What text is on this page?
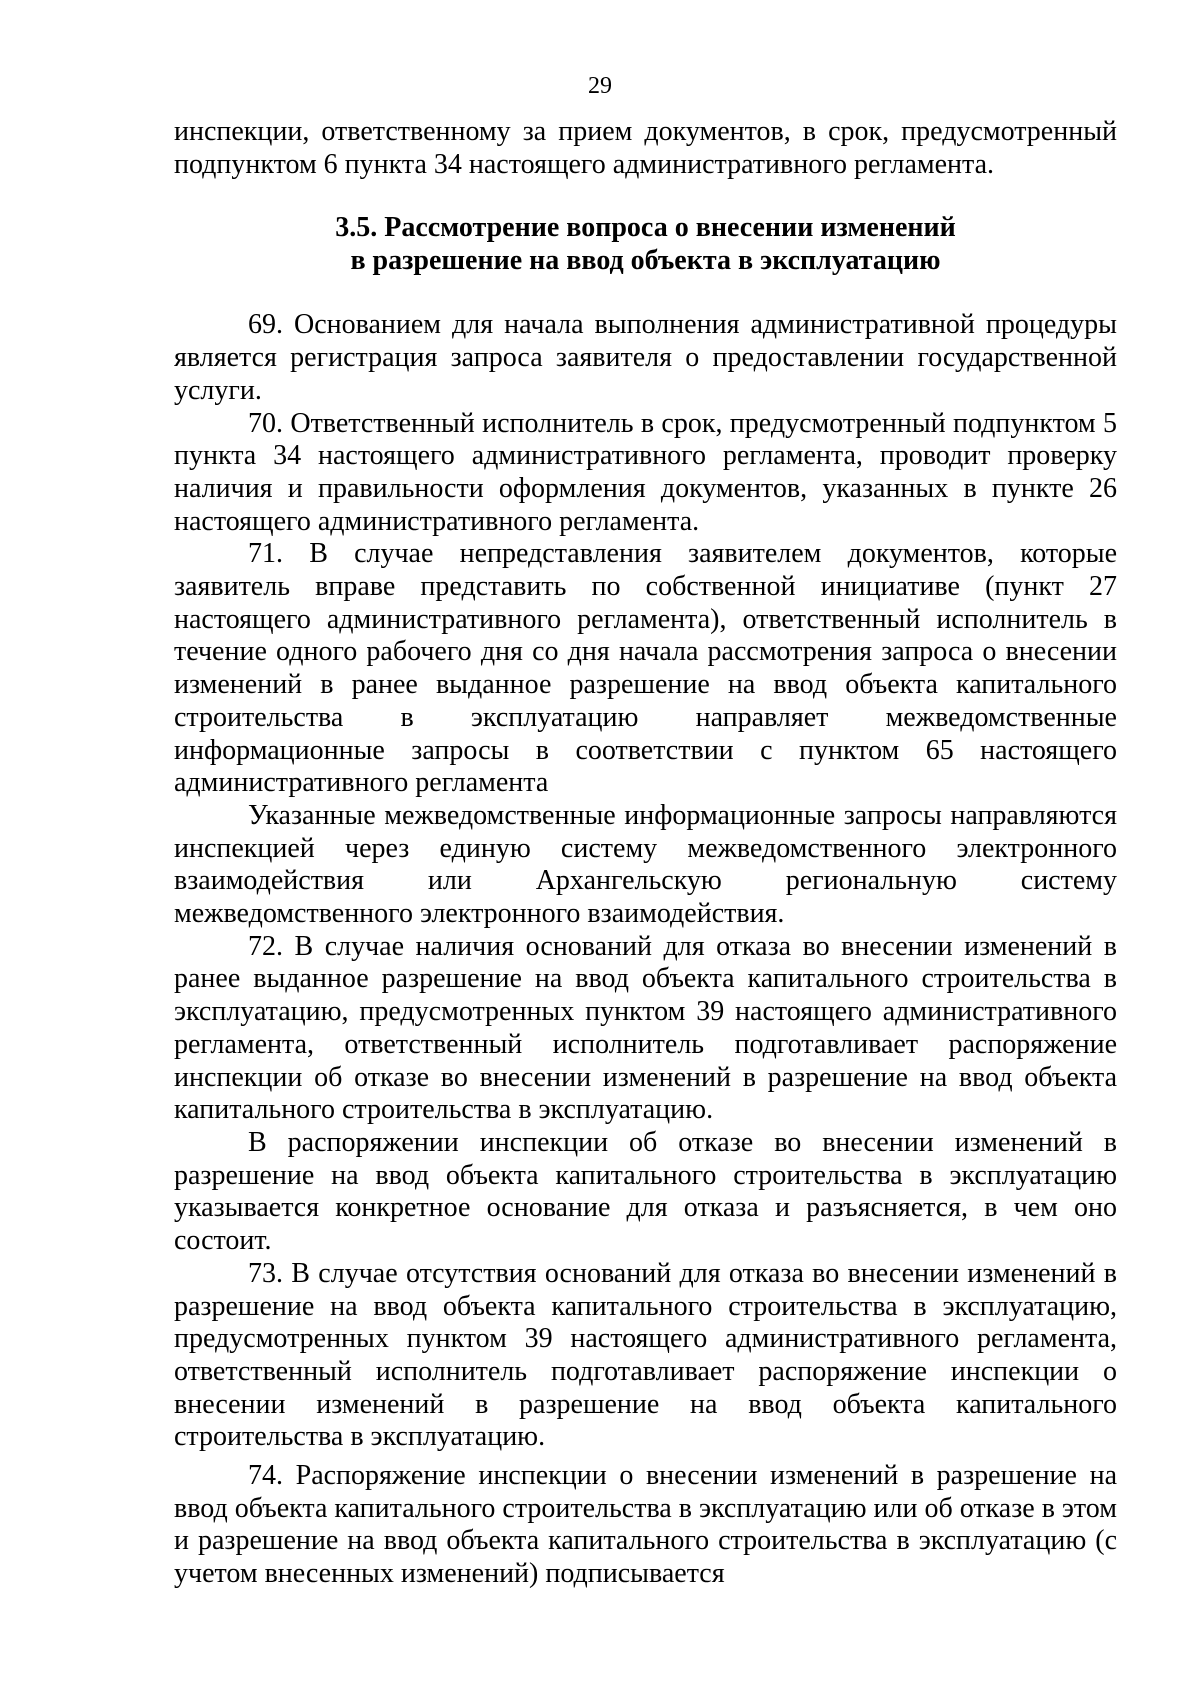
29

инспекции, ответственному за прием документов, в срок, предусмотренный подпунктом 6 пункта 34 настоящего административного регламента.

3.5. Рассмотрение вопроса о внесении изменений
в разрешение на ввод объекта в эксплуатацию

69. Основанием для начала выполнения административной процедуры является регистрация запроса заявителя о предоставлении государственной услуги.

70. Ответственный исполнитель в срок, предусмотренный подпунктом 5 пункта 34 настоящего административного регламента, проводит проверку наличия и правильности оформления документов, указанных в пункте 26 настоящего административного регламента.

71. В случае непредставления заявителем документов, которые заявитель вправе представить по собственной инициативе (пункт 27 настоящего административного регламента), ответственный исполнитель в течение одного рабочего дня со дня начала рассмотрения запроса о внесении изменений в ранее выданное разрешение на ввод объекта капитального строительства в эксплуатацию направляет межведомственные информационные запросы в соответствии с пунктом 65 настоящего административного регламента

Указанные межведомственные информационные запросы направляются инспекцией через единую систему межведомственного электронного взаимодействия или Архангельскую региональную систему межведомственного электронного взаимодействия.

72. В случае наличия оснований для отказа во внесении изменений в ранее выданное разрешение на ввод объекта капитального строительства в эксплуатацию, предусмотренных пунктом 39 настоящего административного регламента, ответственный исполнитель подготавливает распоряжение инспекции об отказе во внесении изменений в разрешение на ввод объекта капитального строительства в эксплуатацию.

В распоряжении инспекции об отказе во внесении изменений в разрешение на ввод объекта капитального строительства в эксплуатацию указывается конкретное основание для отказа и разъясняется, в чем оно состоит.

73. В случае отсутствия оснований для отказа во внесении изменений в разрешение на ввод объекта капитального строительства в эксплуатацию, предусмотренных пунктом 39 настоящего административного регламента, ответственный исполнитель подготавливает распоряжение инспекции о внесении изменений в разрешение на ввод объекта капитального строительства в эксплуатацию.

74. Распоряжение инспекции о внесении изменений в разрешение на ввод объекта капитального строительства в эксплуатацию или об отказе в этом и разрешение на ввод объекта капитального строительства в эксплуатацию (с учетом внесенных изменений) подписывается
